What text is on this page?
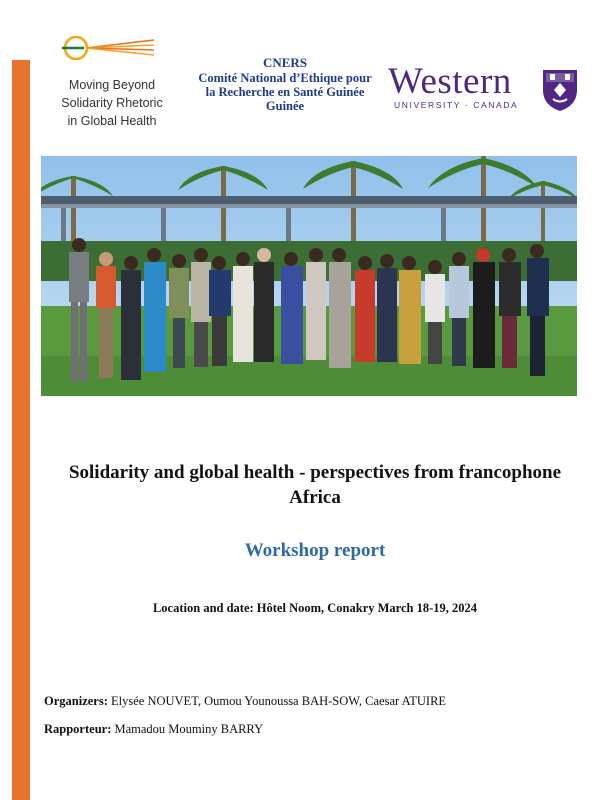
Moving Beyond
Solidarity Rhetoric
in Global Health
CNERS
Comité National d’Ethique pour
la Recherche en Santé Guinée
Guinée
Western
UNIVERSITY · CANADA
Solidarity and global health - perspectives from francophone Africa
Workshop report
Location and date: Hôtel Noom, Conakry March 18-19, 2024
Organizers: Elysée NOUVET, Oumou Younoussa BAH-SOW, Caesar ATUIRE
Rapporteur: Mamadou Mouminy BARRY
